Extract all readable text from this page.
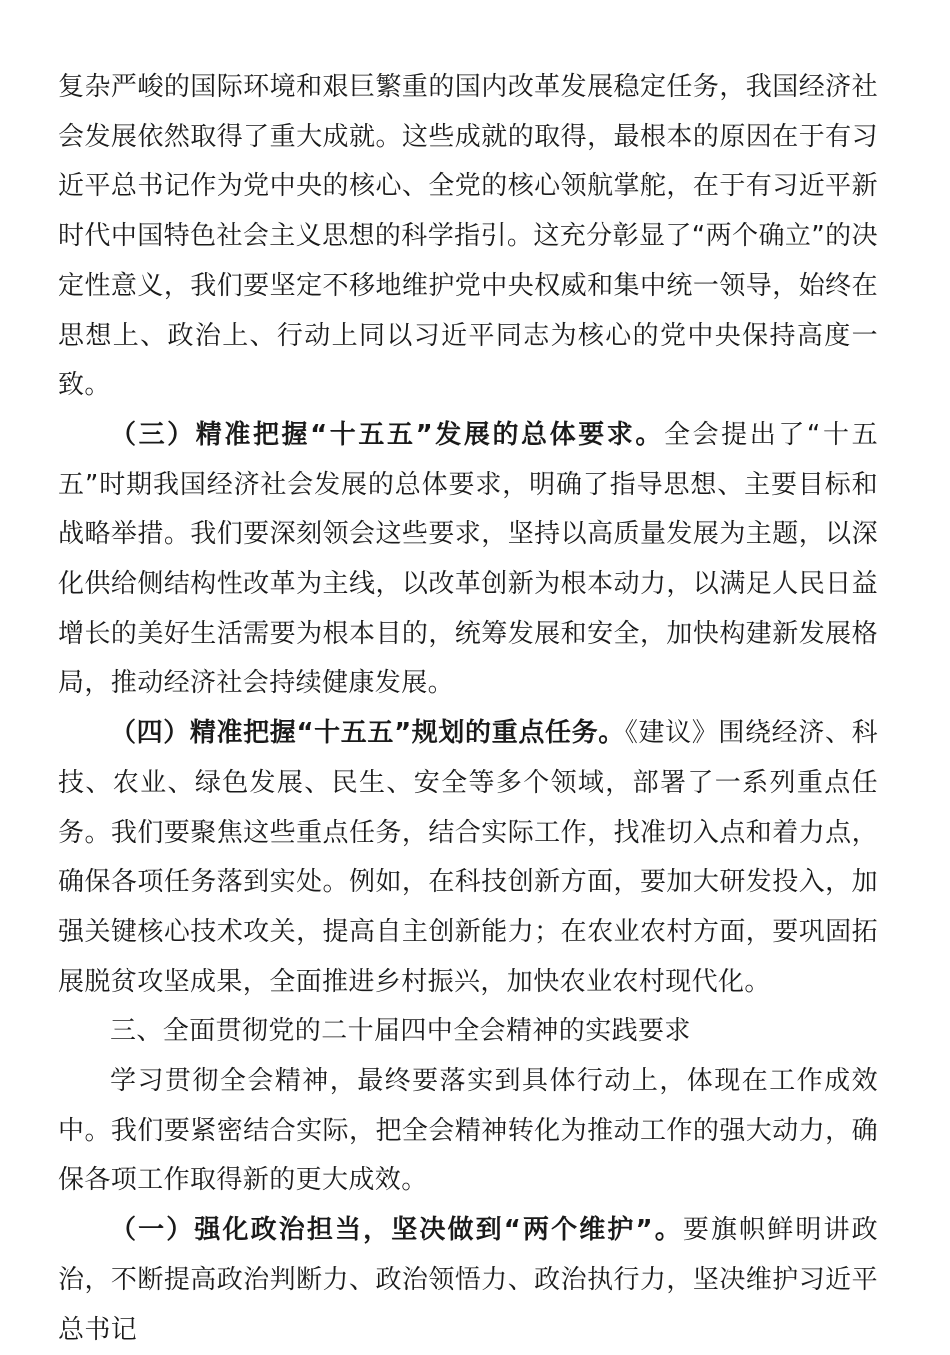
复杂严峻的国际环境和艰巨繁重的国内改革发展稳定任务，我国经济社会发展依然取得了重大成就。这些成就的取得，最根本的原因在于有习近平总书记作为党中央的核心、全党的核心领航掌舵，在于有习近平新时代中国特色社会主义思想的科学指引。这充分彰显了“两个确立”的决定性意义，我们要坚定不移地维护党中央权威和集中统一领导，始终在思想上、政治上、行动上同以习近平同志为核心的党中央保持高度一致。

（三）精准把握“十五五”发展的总体要求。全会提出了“十五五”时期我国经济社会发展的总体要求，明确了指导思想、主要目标和战略举措。我们要深刻领会这些要求，坚持以高质量发展为主题，以深化供给侧结构性改革为主线，以改革创新为根本动力，以满足人民日益增长的美好生活需要为根本目的，统筹发展和安全，加快构建新发展格局，推动经济社会持续健康发展。

（四）精准把握“十五五”规划的重点任务。《建议》围绕经济、科技、农业、绿色发展、民生、安全等多个领域，部署了一系列重点任务。我们要聚焦这些重点任务，结合实际工作，找准切入点和着力点，确保各项任务落到实处。例如，在科技创新方面，要加大研发投入，加强关键核心技术攻关，提高自主创新能力；在农业农村方面，要巩固拓展脱贫攻坚成果，全面推进乡村振兴，加快农业农村现代化。

三、全面贯彻党的二十届四中全会精神的实践要求

学习贯彻全会精神，最终要落实到具体行动上，体现在工作成效中。我们要紧密结合实际，把全会精神转化为推动工作的强大动力，确保各项工作取得新的更大成效。

（一）强化政治担当，坚决做到“两个维护”。要旗帜鲜明讲政治，不断提高政治判断力、政治领悟力、政治执行力，坚决维护习近平总书记
